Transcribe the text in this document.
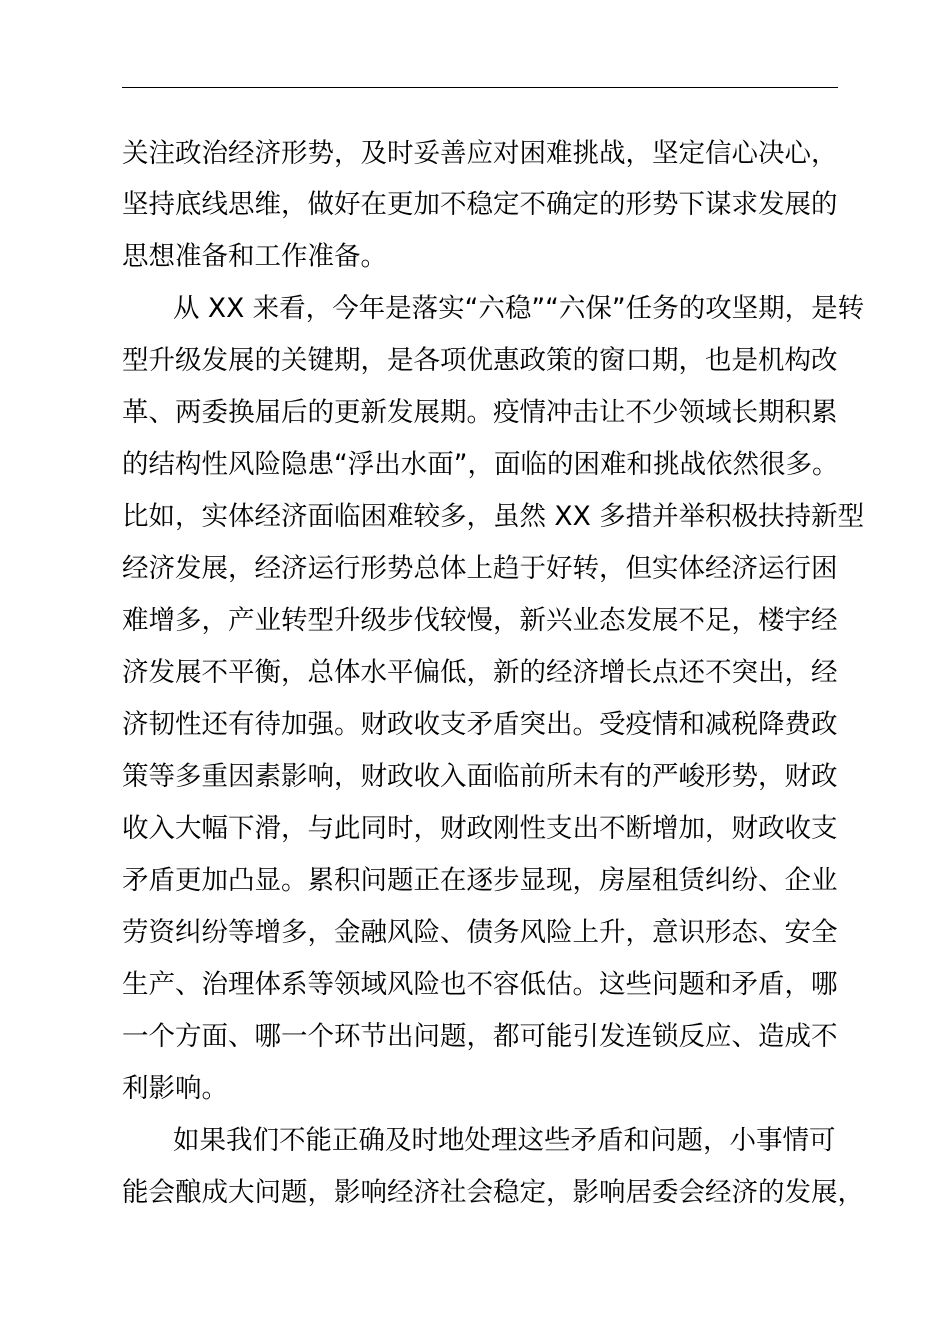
关注政治经济形势，及时妥善应对困难挑战，坚定信心决心，
坚持底线思维，做好在更加不稳定不确定的形势下谋求发展的
思想准备和工作准备。
从 XX 来看，今年是落实“六稳”“六保”任务的攻坚期，是转
型升级发展的关键期，是各项优惠政策的窗口期，也是机构改
革、两委换届后的更新发展期。疫情冲击让不少领域长期积累
的结构性风险隐患“浮出水面”，面临的困难和挑战依然很多。
比如，实体经济面临困难较多，虽然 XX 多措并举积极扶持新型
经济发展，经济运行形势总体上趋于好转，但实体经济运行困
难增多，产业转型升级步伐较慢，新兴业态发展不足，楼宇经
济发展不平衡，总体水平偏低，新的经济增长点还不突出，经
济韧性还有待加强。财政收支矛盾突出。受疫情和减税降费政
策等多重因素影响，财政收入面临前所未有的严峻形势，财政
收入大幅下滑，与此同时，财政刚性支出不断增加，财政收支
矛盾更加凸显。累积问题正在逐步显现，房屋租赁纠纷、企业
劳资纠纷等增多，金融风险、债务风险上升，意识形态、安全
生产、治理体系等领域风险也不容低估。这些问题和矛盾，哪
一个方面、哪一个环节出问题，都可能引发连锁反应、造成不
利影响。
如果我们不能正确及时地处理这些矛盾和问题，小事情可
能会酿成大问题，影响经济社会稳定，影响居委会经济的发展，
